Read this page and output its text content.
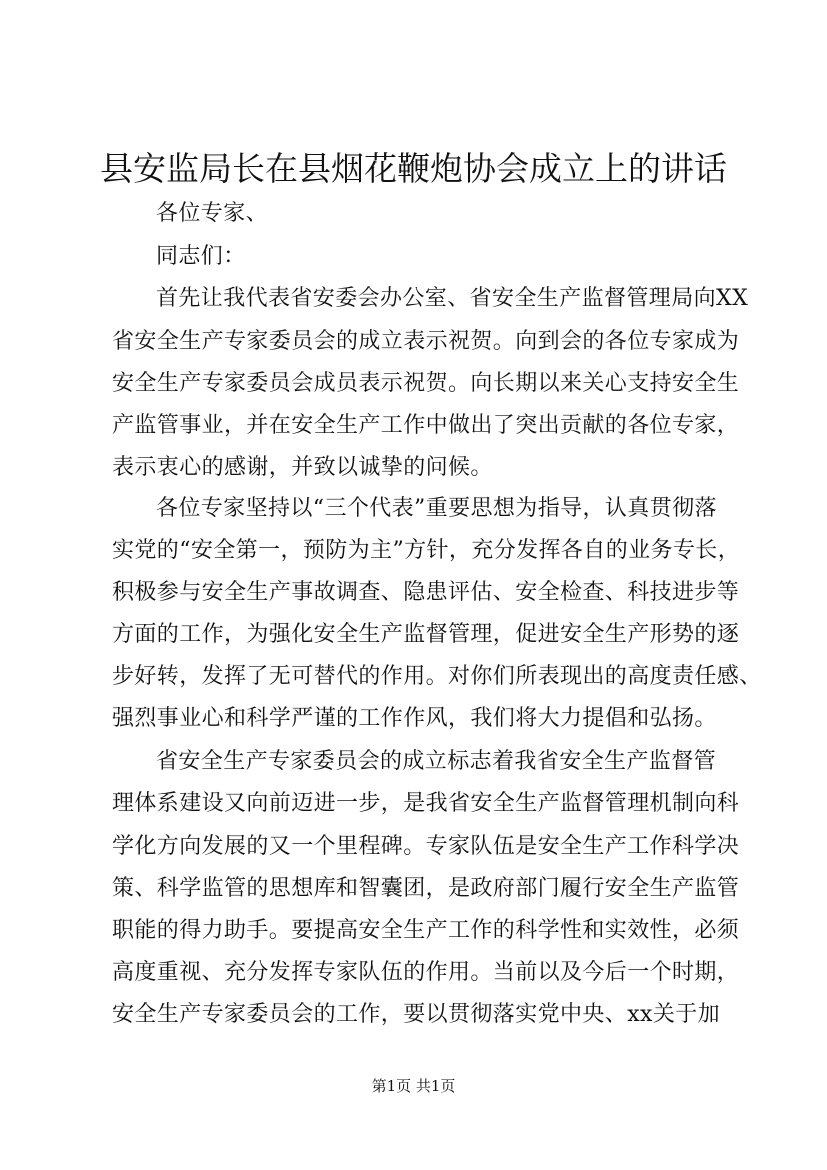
县安监局长在县烟花鞭炮协会成立上的讲话
各位专家、
同志们：
首先让我代表省安委会办公室、省安全生产监督管理局向XX
省安全生产专家委员会的成立表示祝贺。向到会的各位专家成为
安全生产专家委员会成员表示祝贺。向长期以来关心支持安全生
产监管事业，并在安全生产工作中做出了突出贡献的各位专家，
表示衷心的感谢，并致以诚挚的问候。
各位专家坚持以“三个代表”重要思想为指导，认真贯彻落
实党的“安全第一，预防为主”方针，充分发挥各自的业务专长，
积极参与安全生产事故调查、隐患评估、安全检查、科技进步等
方面的工作，为强化安全生产监督管理，促进安全生产形势的逐
步好转，发挥了无可替代的作用。对你们所表现出的高度责任感、
强烈事业心和科学严谨的工作作风，我们将大力提倡和弘扬。
省安全生产专家委员会的成立标志着我省安全生产监督管
理体系建设又向前迈进一步，是我省安全生产监督管理机制向科
学化方向发展的又一个里程碑。专家队伍是安全生产工作科学决
策、科学监管的思想库和智囊团，是政府部门履行安全生产监管
职能的得力助手。要提高安全生产工作的科学性和实效性，必须
高度重视、充分发挥专家队伍的作用。当前以及今后一个时期，
安全生产专家委员会的工作，要以贯彻落实党中央、xx关于加
第1页 共1页
